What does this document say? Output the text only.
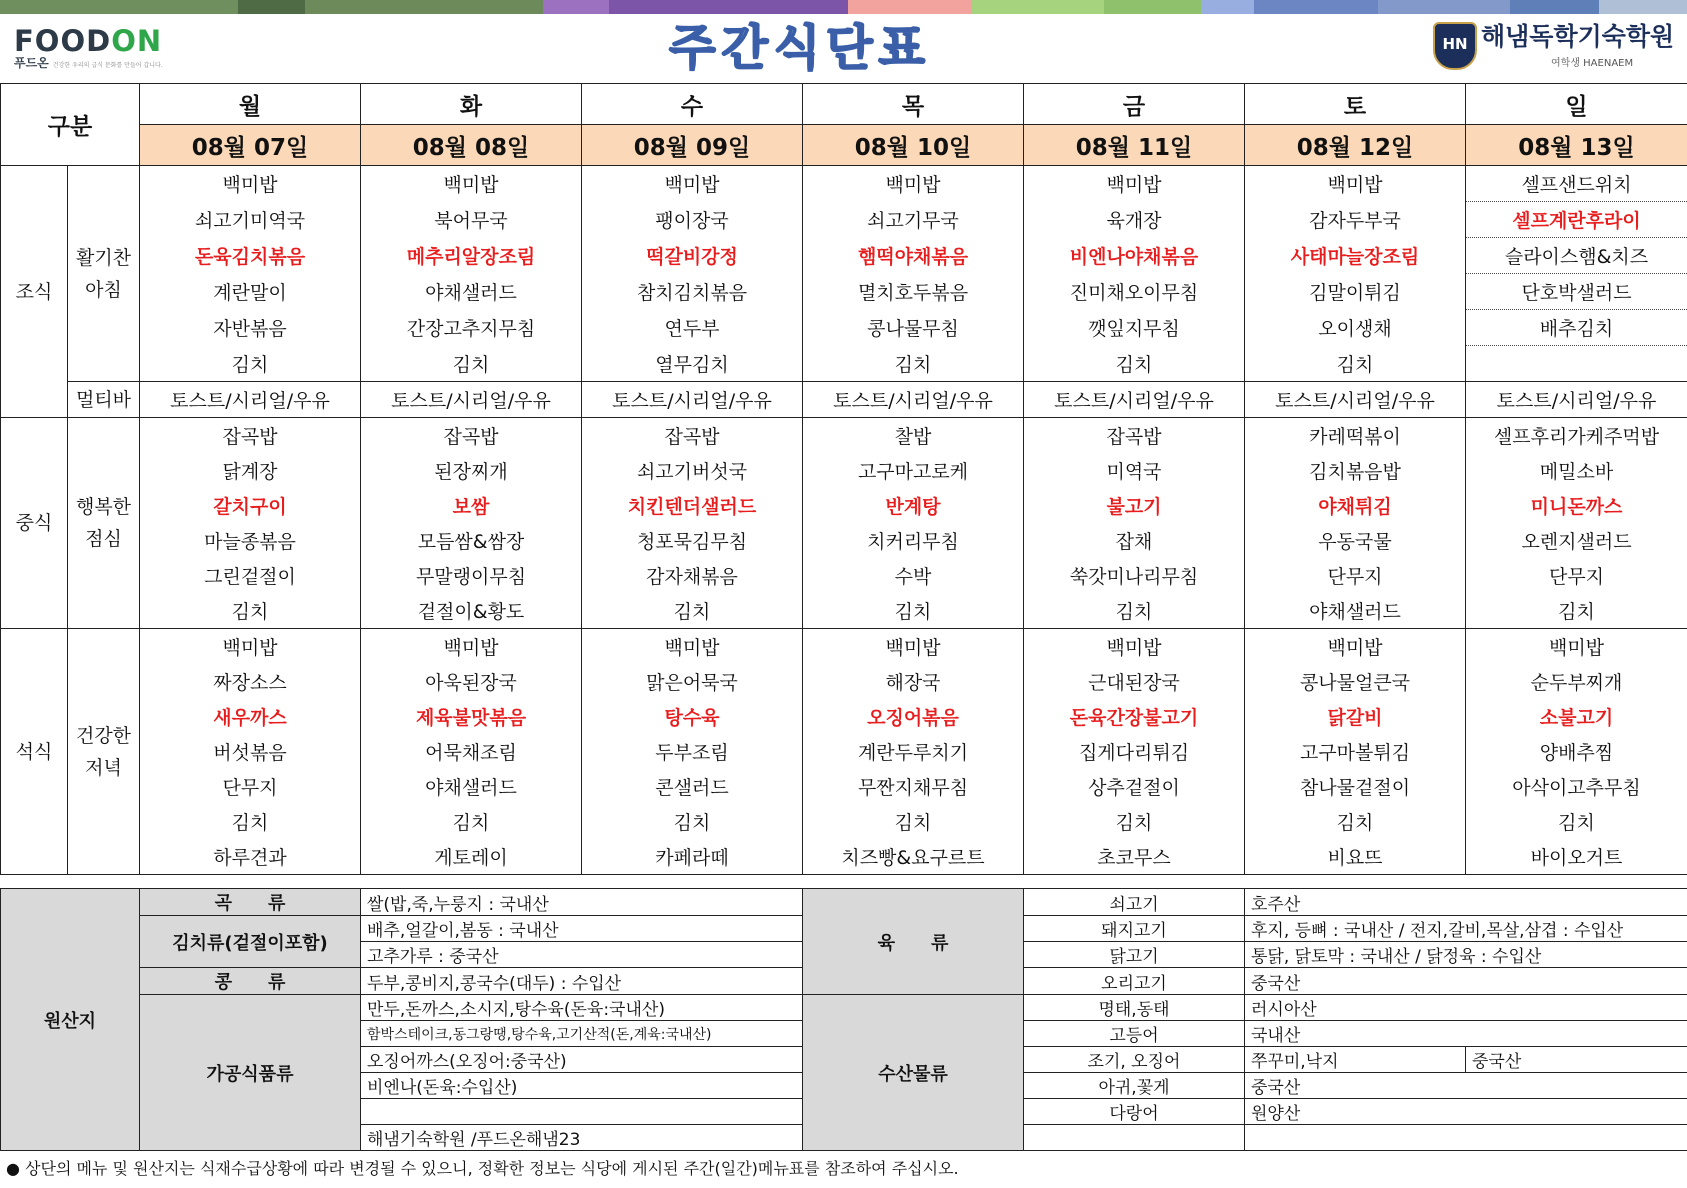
FOODON
푸드온 건강한 우리의 급식 문화를 만들어 갑니다.	주간식단표	HN 해냄독학기숙학원
여학생 HAENAEM
구분		월	화	수	목	금	토	일
		08월 07일	08월 08일	08월 09일	08월 10일	08월 11일	08월 12일	08월 13일
조식	활기찬 아침	백미밥	백미밥	백미밥	백미밥	백미밥	백미밥	셀프샌드위치
		쇠고기미역국	북어무국	팽이장국	쇠고기무국	육개장	감자두부국	셀프계란후라이
		돈육김치볶음	메추리알장조림	떡갈비강정	햄떡야채볶음	비엔나야채볶음	사태마늘장조림	슬라이스햄&치즈
		계란말이	야채샐러드	참치김치볶음	멸치호두볶음	진미채오이무침	김말이튀김	단호박샐러드
		자반볶음	간장고추지무침	연두부	콩나물무침	깻잎지무침	오이생채	배추김치
		김치	김치	열무김치	김치	김치	김치	
	멀티바	토스트/시리얼/우유	토스트/시리얼/우유	토스트/시리얼/우유	토스트/시리얼/우유	토스트/시리얼/우유	토스트/시리얼/우유	토스트/시리얼/우유
중식	행복한 점심	잡곡밥	잡곡밥	잡곡밥	찰밥	잡곡밥	카레떡볶이	셀프후리가케주먹밥
		닭계장	된장찌개	쇠고기버섯국	고구마고로케	미역국	김치볶음밥	메밀소바
		갈치구이	보쌈	치킨텐더샐러드	반계탕	불고기	야채튀김	미니돈까스
		마늘종볶음	모듬쌈&쌈장	청포묵김무침	치커리무침	잡채	우동국물	오렌지샐러드
		그린겉절이	무말랭이무침	감자채볶음	수박	쑥갓미나리무침	단무지	단무지
		김치	겉절이&황도	김치	김치	김치	야채샐러드	김치
석식	건강한 저녁	백미밥	백미밥	백미밥	백미밥	백미밥	백미밥	백미밥
		짜장소스	아욱된장국	맑은어묵국	해장국	근대된장국	콩나물얼큰국	순두부찌개
		새우까스	제육불맛볶음	탕수육	오징어볶음	돈육간장불고기	닭갈비	소불고기
		버섯볶음	어묵채조림	두부조림	계란두루치기	집게다리튀김	고구마볼튀김	양배추찜
		단무지	야채샐러드	콘샐러드	무짠지채무침	상추겉절이	참나물겉절이	아삭이고추무침
		김치	김치	김치	김치	김치	김치	김치
		하루견과	게토레이	카페라떼	치즈빵&요구르트	초코무스	비요뜨	바이오거트
원산지	곡　　류	쌀(밥,죽,누룽지 : 국내산	육　　류	쇠고기	호주산	
	김치류(겉절이포함)	배추,얼갈이,봄동 : 국내산		돼지고기	후지, 등뼈 : 국내산 / 전지,갈비,목살,삼겹 : 수입산	
		고추가루 : 중국산		닭고기	통닭, 닭토막 : 국내산 / 닭정육 : 수입산	
	콩　　류	두부,콩비지,콩국수(대두) : 수입산		오리고기	중국산	
	가공식품류	만두,돈까스,소시지,탕수육(돈육:국내산)	수산물류	명태,동태	러시아산	
		함박스테이크,동그랑땡,탕수육,고기산적(돈,계육:국내산)		고등어	국내산	
		오징어까스(오징어:중국산)		조기, 오징어	쭈꾸미,낙지	중국산
		비엔나(돈육:수입산)		아귀,꽃게	중국산	
				다랑어	원양산	
		해냄기숙학원 /푸드온해냄23				
● 상단의 메뉴 및 원산지는 식재수급상황에 따라 변경될 수 있으니, 정확한 정보는 식당에 게시된 주간(일간)메뉴표를 참조하여 주십시오.
